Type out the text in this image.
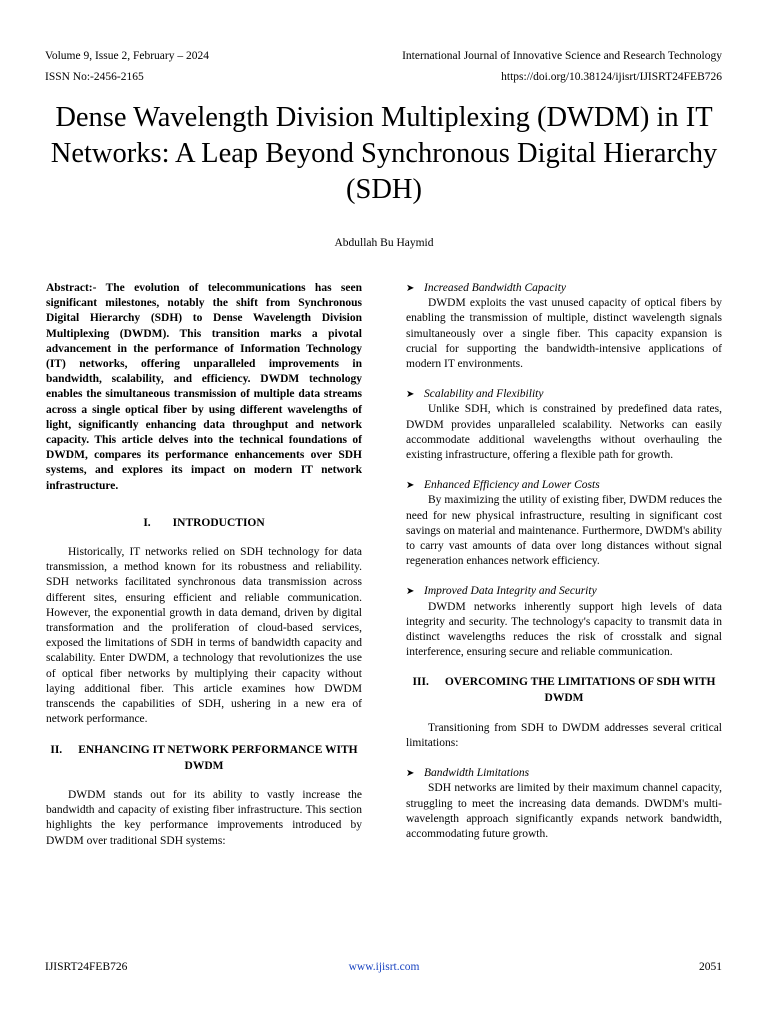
Volume 9, Issue 2, February – 2024
ISSN No:-2456-2165
International Journal of Innovative Science and Research Technology
https://doi.org/10.38124/ijisrt/IJISRT24FEB726
Dense Wavelength Division Multiplexing (DWDM) in IT Networks: A Leap Beyond Synchronous Digital Hierarchy (SDH)
Abdullah Bu Haymid

Abstract:- The evolution of telecommunications has seen significant milestones, notably the shift from Synchronous Digital Hierarchy (SDH) to Dense Wavelength Division Multiplexing (DWDM). This transition marks a pivotal advancement in the performance of Information Technology (IT) networks, offering unparalleled improvements in bandwidth, scalability, and efficiency. DWDM technology enables the simultaneous transmission of multiple data streams across a single optical fiber by using different wavelengths of light, significantly enhancing data throughput and network capacity. This article delves into the technical foundations of DWDM, compares its performance enhancements over SDH systems, and explores its impact on modern IT network infrastructure.

I. INTRODUCTION

Historically, IT networks relied on SDH technology for data transmission, a method known for its robustness and reliability. SDH networks facilitated synchronous data transmission across different sites, ensuring efficient and reliable communication. However, the exponential growth in data demand, driven by digital transformation and the proliferation of cloud-based services, exposed the limitations of SDH in terms of bandwidth capacity and scalability. Enter DWDM, a technology that revolutionizes the use of optical fiber networks by multiplying their capacity without laying additional fiber. This article examines how DWDM transcends the capabilities of SDH, ushering in a new era of network performance.

II. ENHANCING IT NETWORK PERFORMANCE WITH DWDM

DWDM stands out for its ability to vastly increase the bandwidth and capacity of existing fiber infrastructure. This section highlights the key performance improvements introduced by DWDM over traditional SDH systems:

➤ Increased Bandwidth Capacity

DWDM exploits the vast unused capacity of optical fibers by enabling the transmission of multiple, distinct wavelength signals simultaneously over a single fiber. This capacity expansion is crucial for supporting the bandwidth-intensive applications of modern IT environments.

➤ Scalability and Flexibility

Unlike SDH, which is constrained by predefined data rates, DWDM provides unparalleled scalability. Networks can easily accommodate additional wavelengths without overhauling the existing infrastructure, offering a flexible path for growth.

➤ Enhanced Efficiency and Lower Costs

By maximizing the utility of existing fiber, DWDM reduces the need for new physical infrastructure, resulting in significant cost savings on material and maintenance. Furthermore, DWDM's ability to carry vast amounts of data over long distances without signal regeneration enhances network efficiency.

➤ Improved Data Integrity and Security

DWDM networks inherently support high levels of data integrity and security. The technology's capacity to transmit data in distinct wavelengths reduces the risk of crosstalk and signal interference, ensuring secure and reliable communication.

III. OVERCOMING THE LIMITATIONS OF SDH WITH DWDM

Transitioning from SDH to DWDM addresses several critical limitations:

➤ Bandwidth Limitations

SDH networks are limited by their maximum channel capacity, struggling to meet the increasing data demands. DWDM's multi-wavelength approach significantly expands network bandwidth, accommodating future growth.

IJISRT24FEB726	www.ijisrt.com	2051
